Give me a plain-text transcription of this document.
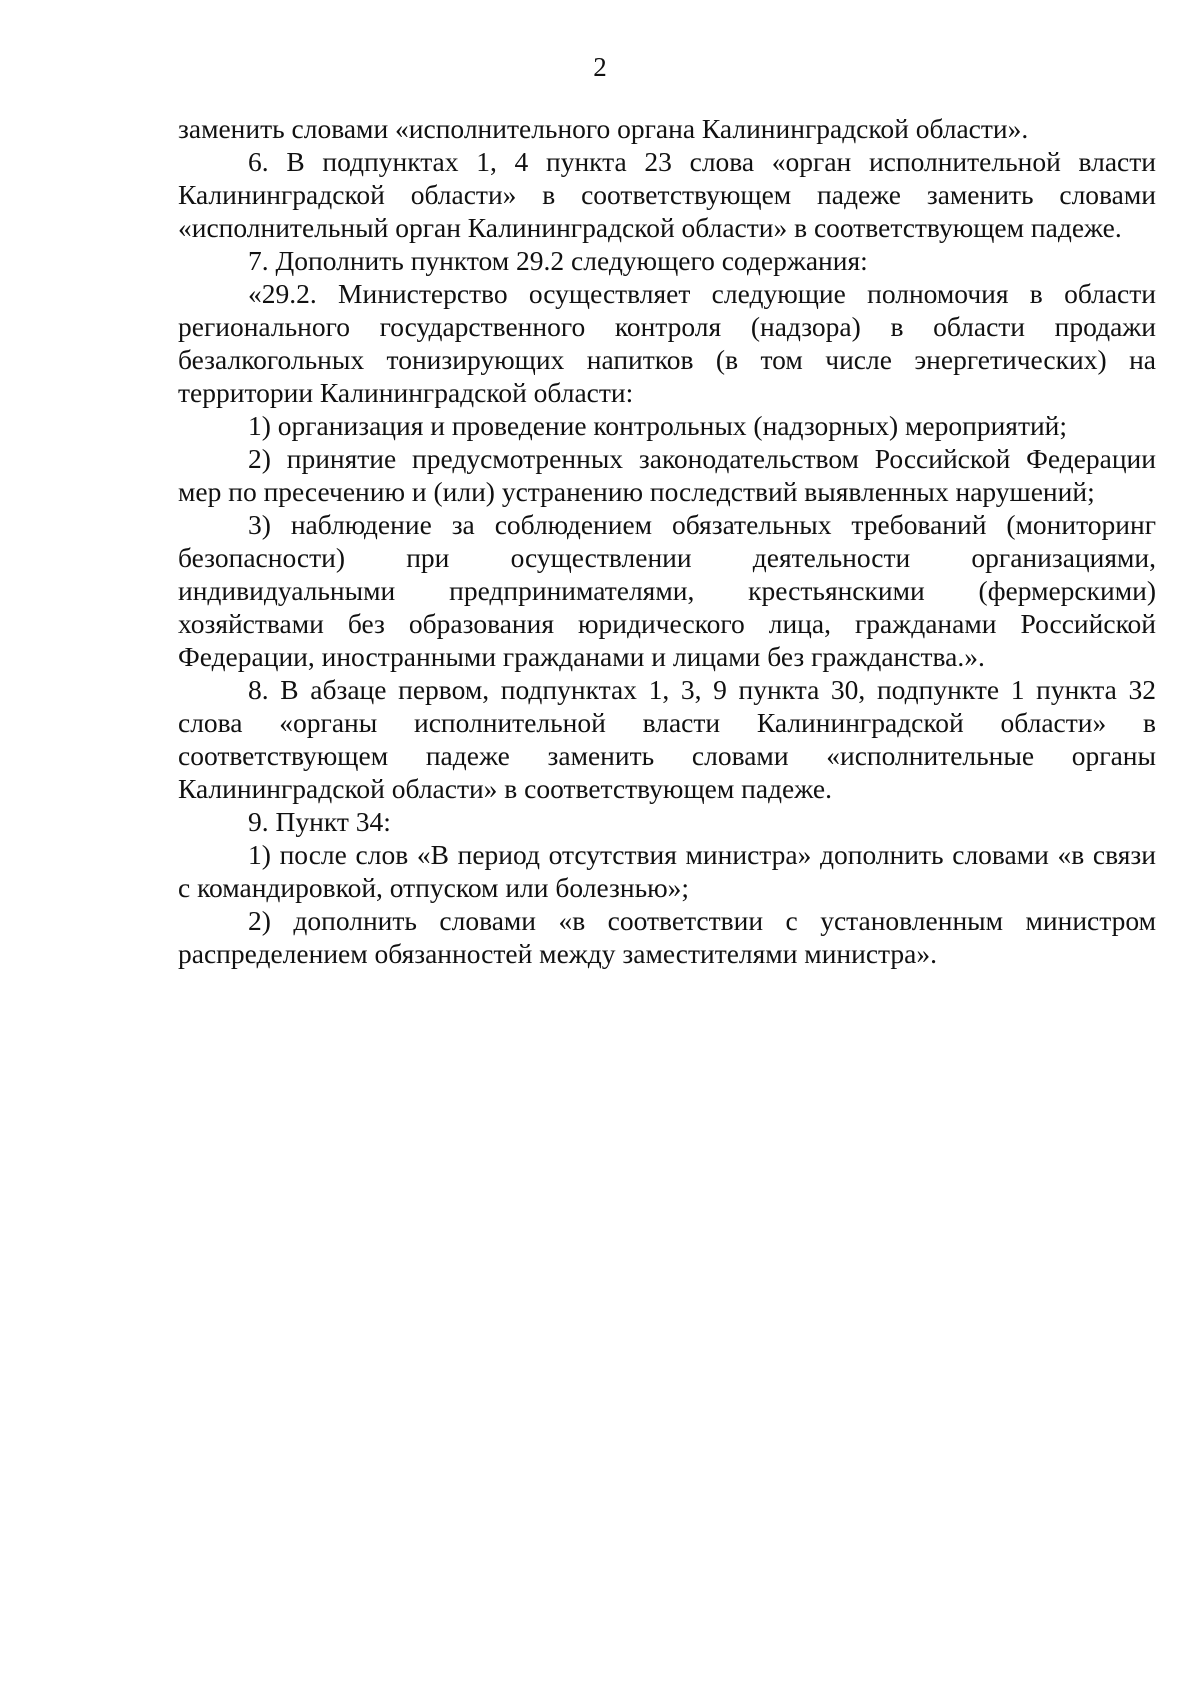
2

заменить словами «исполнительного органа Калининградской области».

6. В подпунктах 1, 4 пункта 23 слова «орган исполнительной власти Калининградской области» в соответствующем падеже заменить словами «исполнительный орган Калининградской области» в соответствующем падеже.

7. Дополнить пунктом 29.2 следующего содержания:

«29.2. Министерство осуществляет следующие полномочия в области регионального государственного контроля (надзора) в области продажи безалкогольных тонизирующих напитков (в том числе энергетических) на территории Калининградской области:

1) организация и проведение контрольных (надзорных) мероприятий;

2) принятие предусмотренных законодательством Российской Федерации мер по пресечению и (или) устранению последствий выявленных нарушений;

3) наблюдение за соблюдением обязательных требований (мониторинг безопасности) при осуществлении деятельности организациями, индивидуальными предпринимателями, крестьянскими (фермерскими) хозяйствами без образования юридического лица, гражданами Российской Федерации, иностранными гражданами и лицами без гражданства.».

8. В абзаце первом, подпунктах 1, 3, 9 пункта 30, подпункте 1 пункта 32 слова «органы исполнительной власти Калининградской области» в соответствующем падеже заменить словами «исполнительные органы Калининградской области» в соответствующем падеже.

9. Пункт 34:

1) после слов «В период отсутствия министра» дополнить словами «в связи с командировкой, отпуском или болезнью»;

2) дополнить словами «в соответствии с установленным министром распределением обязанностей между заместителями министра».
